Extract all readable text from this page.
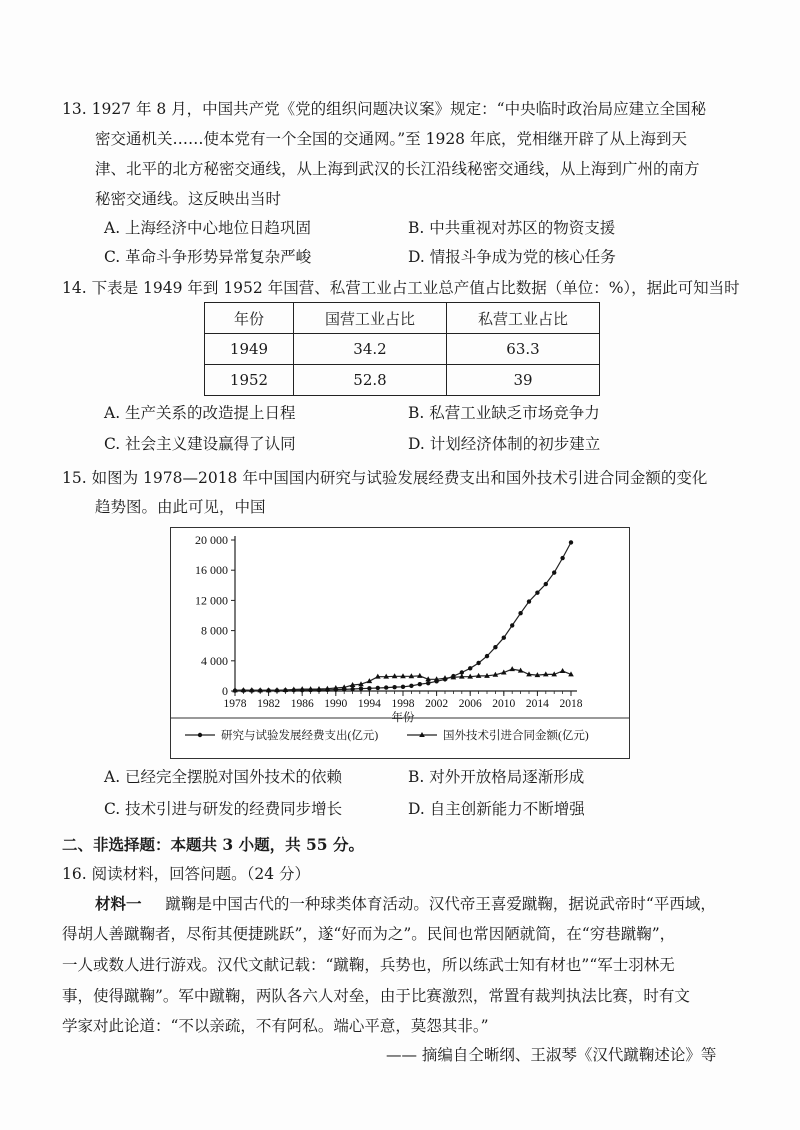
13. 1927 年 8 月，中国共产党《党的组织问题决议案》规定：“中央临时政治局应建立全国秘
密交通机关……使本党有一个全国的交通网。”至 1928 年底，党相继开辟了从上海到天
津、北平的北方秘密交通线，从上海到武汉的长江沿线秘密交通线，从上海到广州的南方
秘密交通线。这反映出当时
A. 上海经济中心地位日趋巩固	B. 中共重视对苏区的物资支援
C. 革命斗争形势异常复杂严峻	D. 情报斗争成为党的核心任务
14. 下表是 1949 年到 1952 年国营、私营工业占工业总产值占比数据（单位：%），据此可知当时
年份	国营工业占比	私营工业占比
1949	34.2	63.3
1952	52.8	39
A. 生产关系的改造提上日程	B. 私营工业缺乏市场竞争力
C. 社会主义建设赢得了认同	D. 计划经济体制的初步建立
15. 如图为 1978—2018 年中国国内研究与试验发展经费支出和国外技术引进合同金额的变化
趋势图。由此可见，中国
0
4 000
8 000
12 000
16 000
20 000
1978 1982 1986 1990 1994 1998 2002 2006 2010 2014 2018
年份
研究与试验发展经费支出(亿元)	国外技术引进合同金额(亿元)
A. 已经完全摆脱对国外技术的依赖	B. 对外开放格局逐渐形成
C. 技术引进与研发的经费同步增长	D. 自主创新能力不断增强
二、非选择题：本题共 3 小题，共 55 分。
16. 阅读材料，回答问题。（24 分）
材料一 蹴鞠是中国古代的一种球类体育活动。汉代帝王喜爱蹴鞠，据说武帝时“平西域，
得胡人善蹴鞠者，尽衔其便捷跳跃”，遂“好而为之”。民间也常因陋就简，在“穷巷蹴鞠”，
一人或数人进行游戏。汉代文献记载：“蹴鞠，兵势也，所以练武士知有材也”“军士羽林无
事，使得蹴鞠”。军中蹴鞠，两队各六人对垒，由于比赛激烈，常置有裁判执法比赛，时有文
学家对此论道：“不以亲疏，不有阿私。端心平意，莫怨其非。”
—— 摘编自仝晰纲、王淑琴《汉代蹴鞠述论》等
